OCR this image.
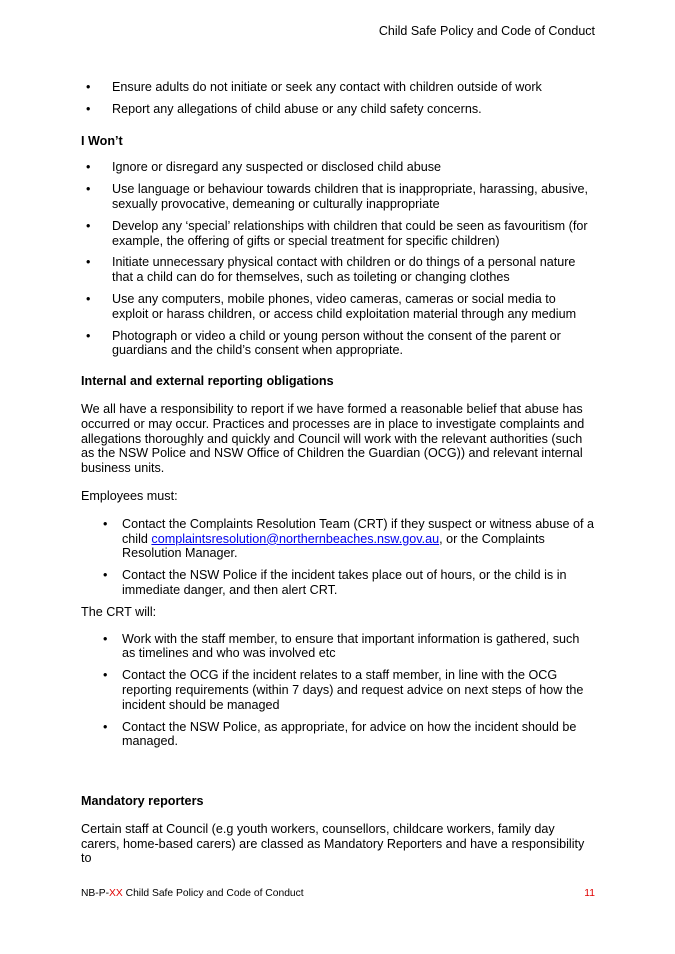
Child Safe Policy and Code of Conduct
• Ensure adults do not initiate or seek any contact with children outside of work
• Report any allegations of child abuse or any child safety concerns.
I Won’t
• Ignore or disregard any suspected or disclosed child abuse
• Use language or behaviour towards children that is inappropriate, harassing, abusive, sexually provocative, demeaning or culturally inappropriate
• Develop any ‘special’ relationships with children that could be seen as favouritism (for example, the offering of gifts or special treatment for specific children)
• Initiate unnecessary physical contact with children or do things of a personal nature that a child can do for themselves, such as toileting or changing clothes
• Use any computers, mobile phones, video cameras, cameras or social media to exploit or harass children, or access child exploitation material through any medium
• Photograph or video a child or young person without the consent of the parent or guardians and the child’s consent when appropriate.
Internal and external reporting obligations

We all have a responsibility to report if we have formed a reasonable belief that abuse has occurred or may occur. Practices and processes are in place to investigate complaints and allegations thoroughly and quickly and Council will work with the relevant authorities (such as the NSW Police and NSW Office of Children the Guardian (OCG)) and relevant internal business units.

Employees must:

• Contact the Complaints Resolution Team (CRT) if they suspect or witness abuse of a child complaintsresolution@northernbeaches.nsw.gov.au, or the Complaints Resolution Manager.
• Contact the NSW Police if the incident takes place out of hours, or the child is in immediate danger, and then alert CRT.

The CRT will:

• Work with the staff member, to ensure that important information is gathered, such as timelines and who was involved etc
• Contact the OCG if the incident relates to a staff member, in line with the OCG reporting requirements (within 7 days) and request advice on next steps of how the incident should be managed
• Contact the NSW Police, as appropriate, for advice on how the incident should be managed.
Mandatory reporters

Certain staff at Council (e.g youth workers, counsellors, childcare workers, family day carers, home-based carers) are classed as Mandatory Reporters and have a responsibility to

NB-P-XX Child Safe Policy and Code of Conduct	11
